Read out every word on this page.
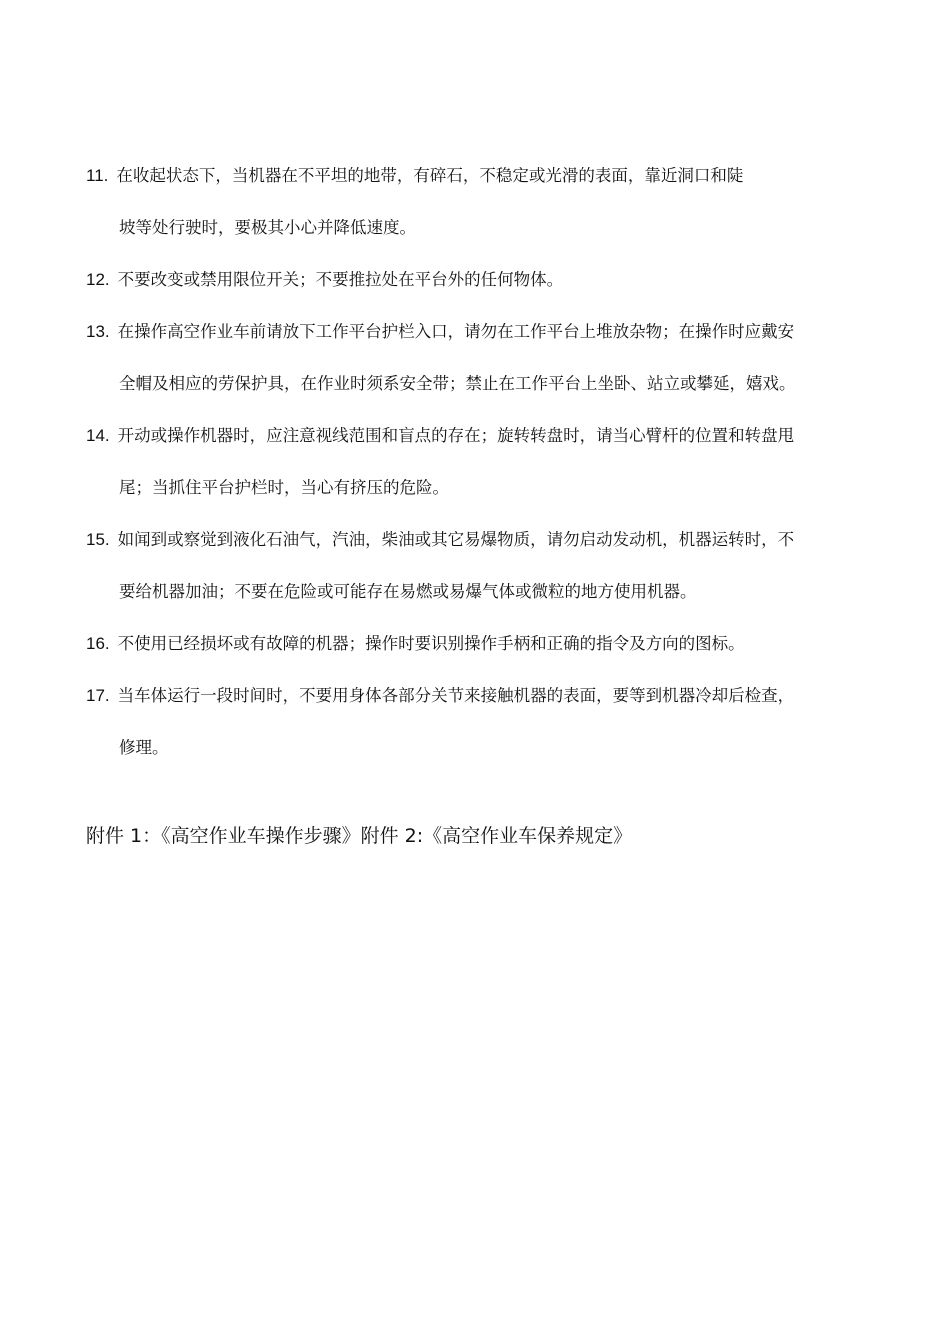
11. 在收起状态下，当机器在不平坦的地带，有碎石，不稳定或光滑的表面，靠近洞口和陡
坡等处行驶时，要极其小心并降低速度。
12. 不要改变或禁用限位开关；不要推拉处在平台外的任何物体。
13. 在操作高空作业车前请放下工作平台护栏入口，请勿在工作平台上堆放杂物；在操作时应戴安
全帽及相应的劳保护具，在作业时须系安全带；禁止在工作平台上坐卧、站立或攀延，嬉戏。
14. 开动或操作机器时，应注意视线范围和盲点的存在；旋转转盘时，请当心臂杆的位置和转盘甩
尾；当抓住平台护栏时，当心有挤压的危险。
15. 如闻到或察觉到液化石油气，汽油，柴油或其它易爆物质，请勿启动发动机，机器运转时，不
要给机器加油；不要在危险或可能存在易燃或易爆气体或微粒的地方使用机器。
16. 不使用已经损坏或有故障的机器；操作时要识别操作手柄和正确的指令及方向的图标。
17. 当车体运行一段时间时，不要用身体各部分关节来接触机器的表面，要等到机器冷却后检查，
修理。
附件 1：《高空作业车操作步骤》附件 2:《高空作业车保养规定》
